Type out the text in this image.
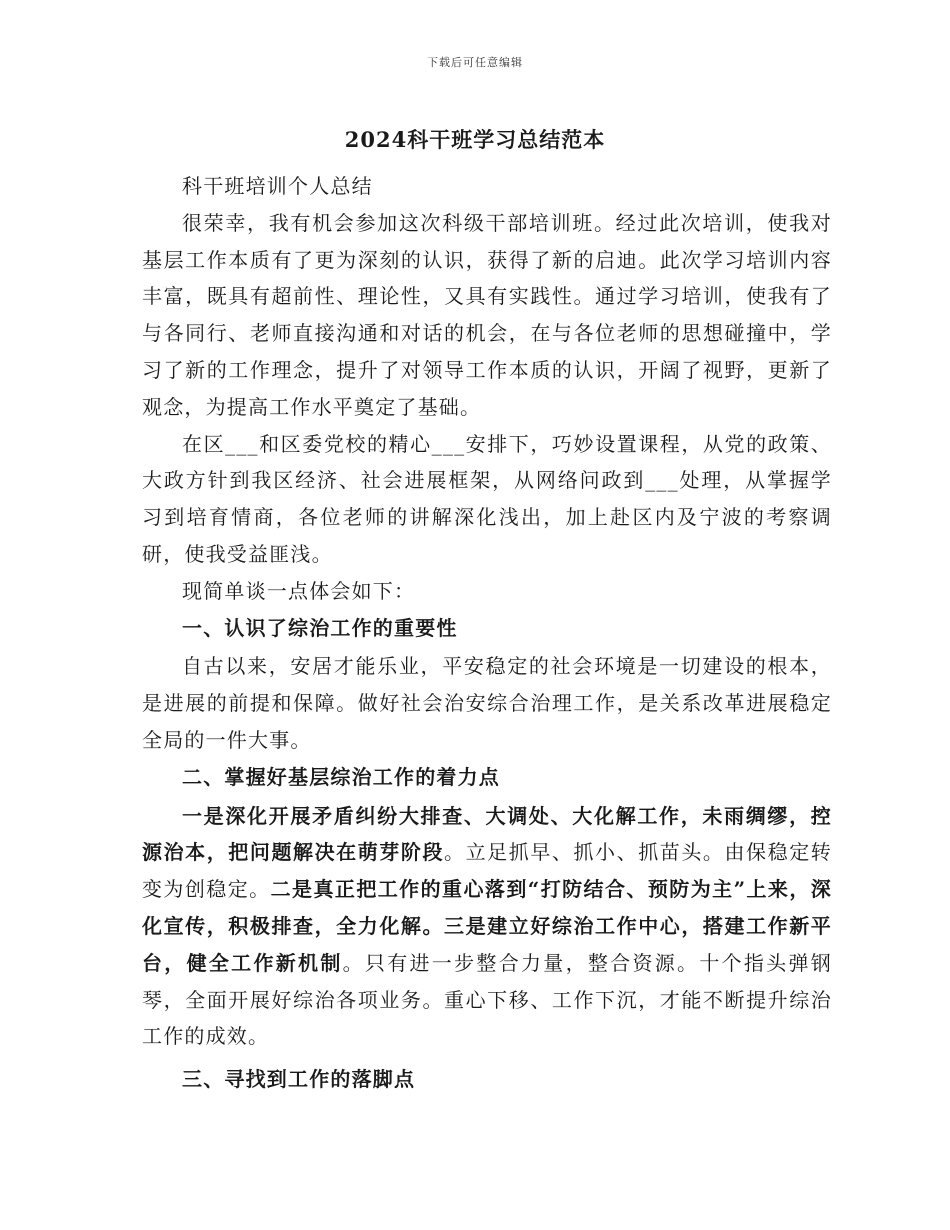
下载后可任意编辑
2024科干班学习总结范本

科干班培训个人总结

很荣幸，我有机会参加这次科级干部培训班。经过此次培训，使我对基层工作本质有了更为深刻的认识，获得了新的启迪。此次学习培训内容丰富，既具有超前性、理论性，又具有实践性。通过学习培训，使我有了与各同行、老师直接沟通和对话的机会，在与各位老师的思想碰撞中，学习了新的工作理念，提升了对领导工作本质的认识，开阔了视野，更新了观念，为提高工作水平奠定了基础。

在区___和区委党校的精心___安排下，巧妙设置课程，从党的政策、大政方针到我区经济、社会进展框架，从网络问政到___处理，从掌握学习到培育情商，各位老师的讲解深化浅出，加上赴区内及宁波的考察调研，使我受益匪浅。

现简单谈一点体会如下：

一、认识了综治工作的重要性

自古以来，安居才能乐业，平安稳定的社会环境是一切建设的根本，是进展的前提和保障。做好社会治安综合治理工作，是关系改革进展稳定全局的一件大事。

二、掌握好基层综治工作的着力点

一是深化开展矛盾纠纷大排查、大调处、大化解工作，未雨绸缪，控源治本，把问题解决在萌芽阶段。立足抓早、抓小、抓苗头。由保稳定转变为创稳定。二是真正把工作的重心落到“打防结合、预防为主”上来，深化宣传，积极排查，全力化解。三是建立好综治工作中心，搭建工作新平台，健全工作新机制。只有进一步整合力量，整合资源。十个指头弹钢琴，全面开展好综治各项业务。重心下移、工作下沉，才能不断提升综治工作的成效。

三、寻找到工作的落脚点
